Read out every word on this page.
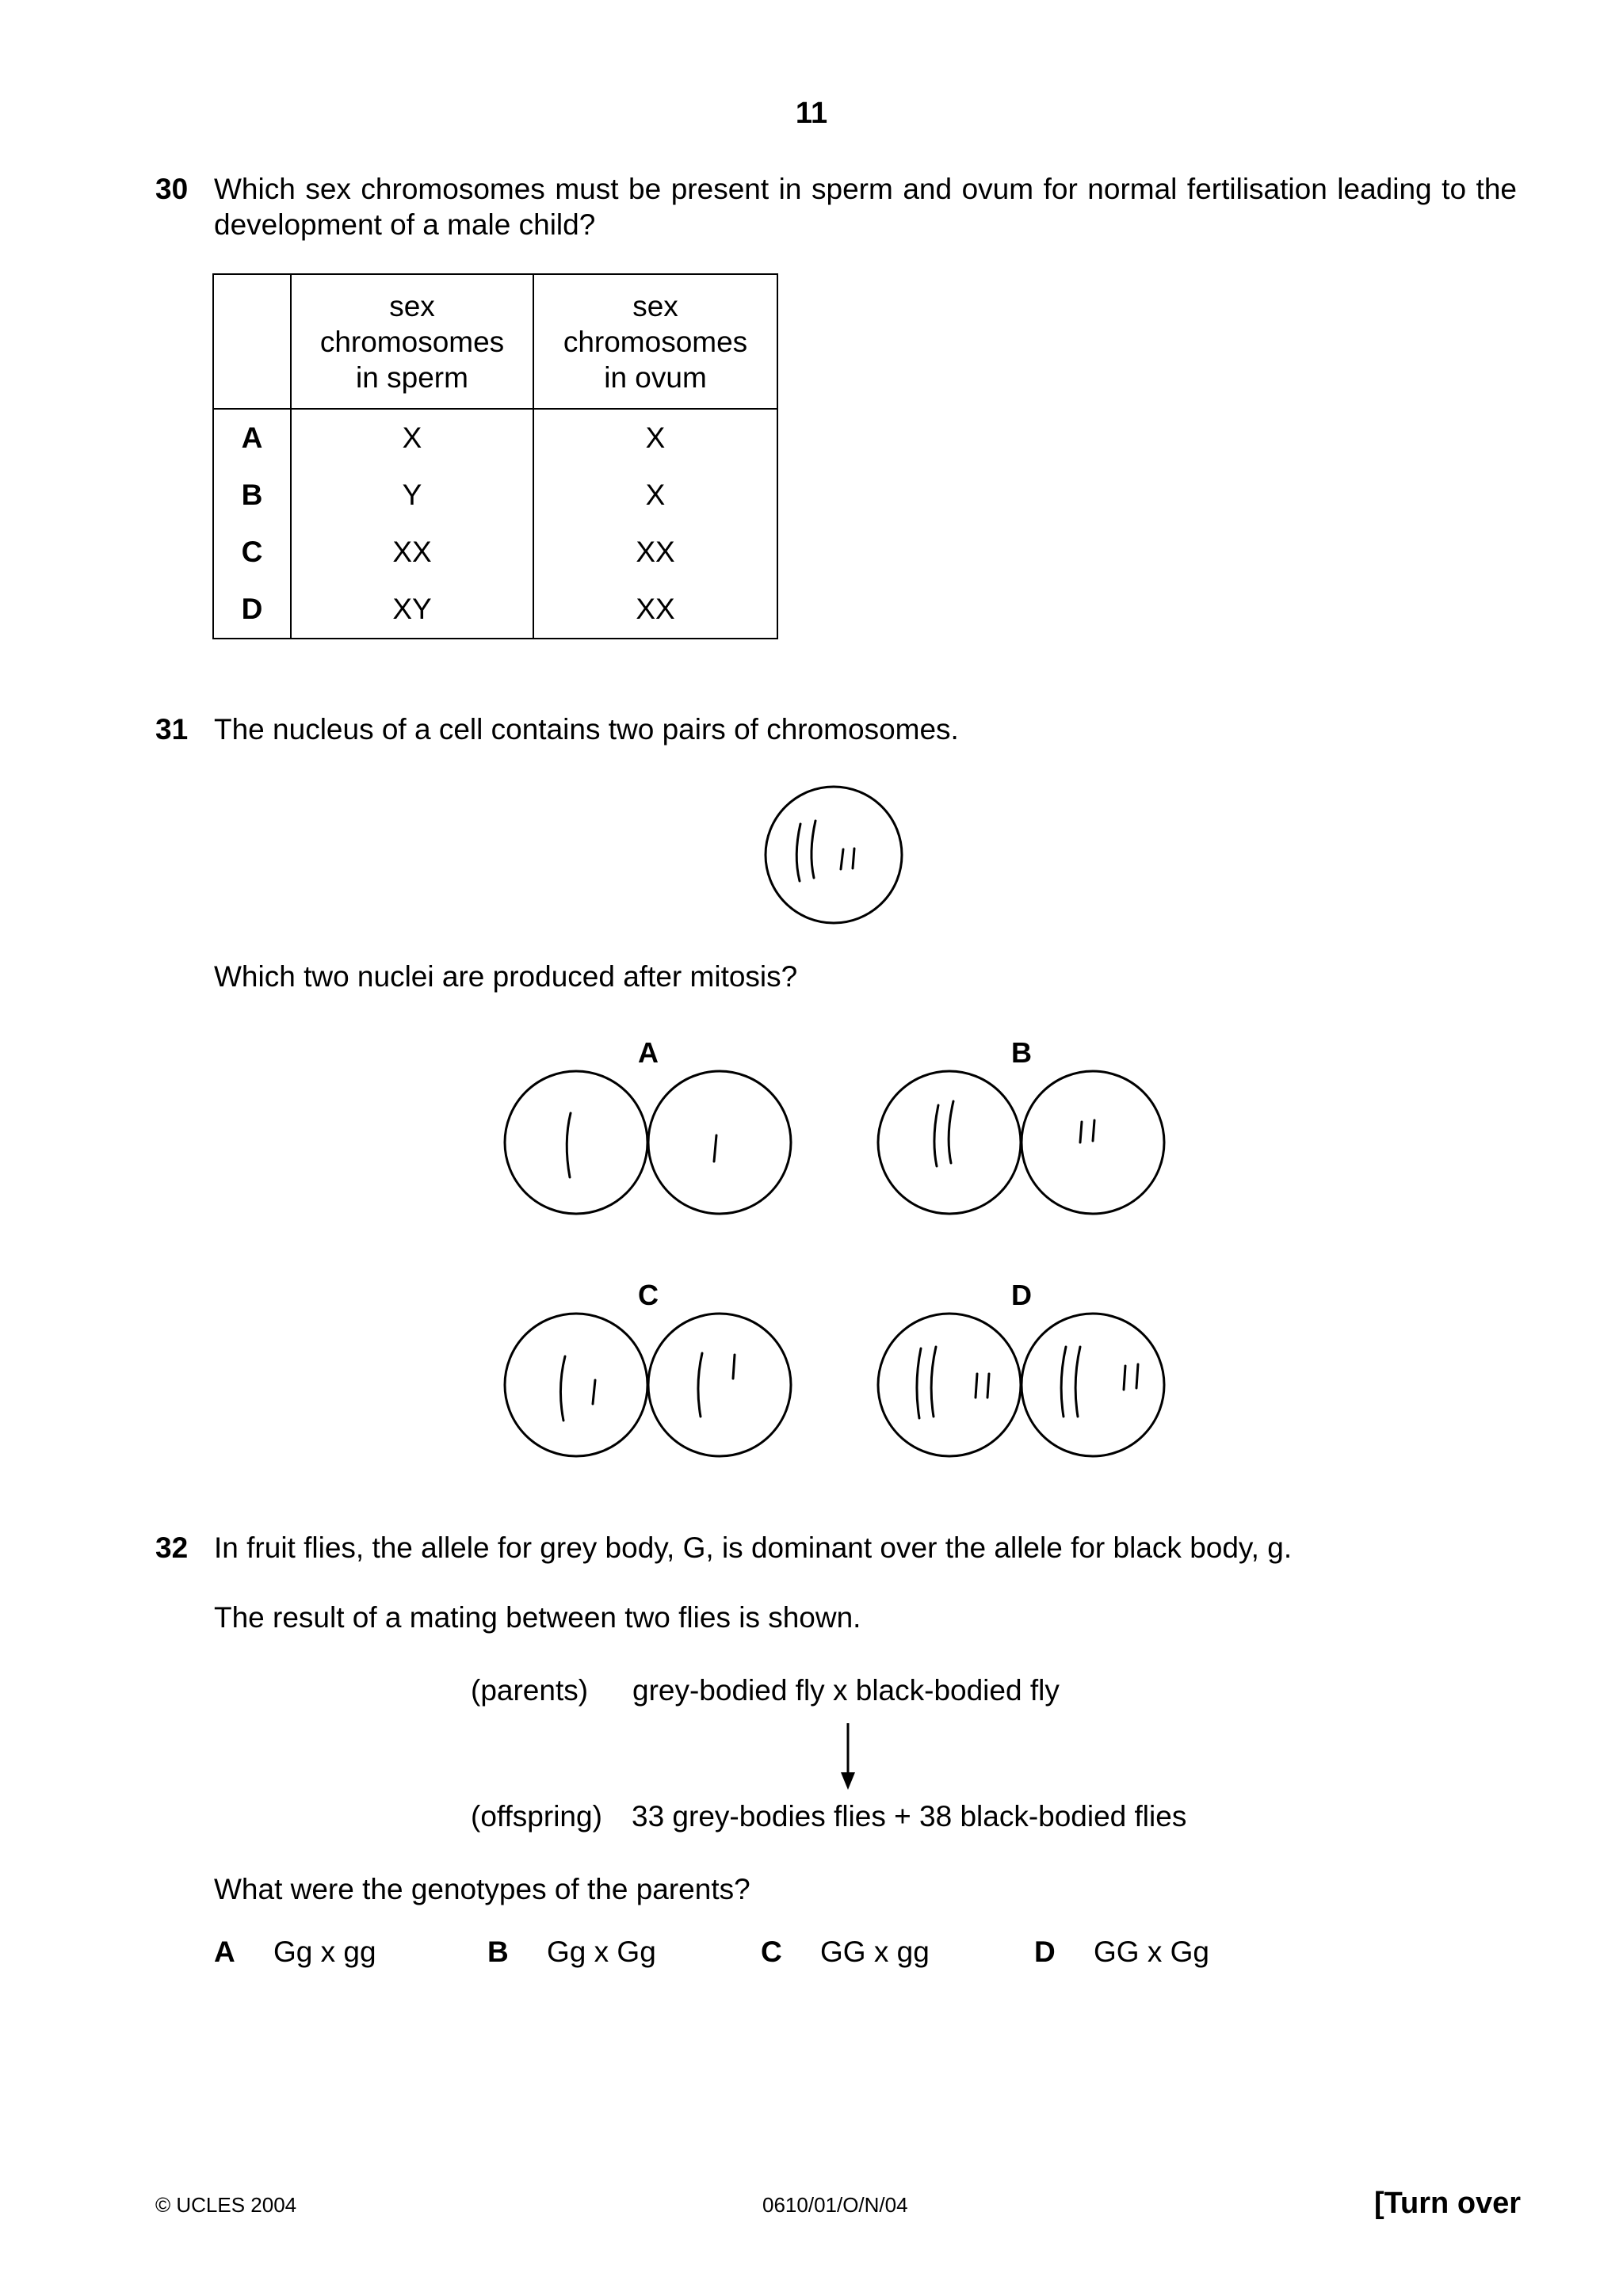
11
30 Which sex chromosomes must be present in sperm and ovum for normal fertilisation leading to the development of a male child?

	sex chromosomes in sperm	sex chromosomes in ovum

A	X	X
B	Y	X
C	XX	XX
D	XY	XX
31 The nucleus of a cell contains two pairs of chromosomes.
A	B
C	D
Which two nuclei are produced after mitosis?
32 In fruit flies, the allele for grey body, G, is dominant over the allele for black body, g.
The result of a mating between two flies is shown.
(parents) grey-bodied fly x black-bodied fly
(offspring) 33 grey-bodies flies + 38 black-bodied flies
What were the genotypes of the parents?
A Gg x gg	B Gg x Gg	C GG x gg	D GG x Gg
© UCLES 2004	0610/01/O/N/04	[Turn over
